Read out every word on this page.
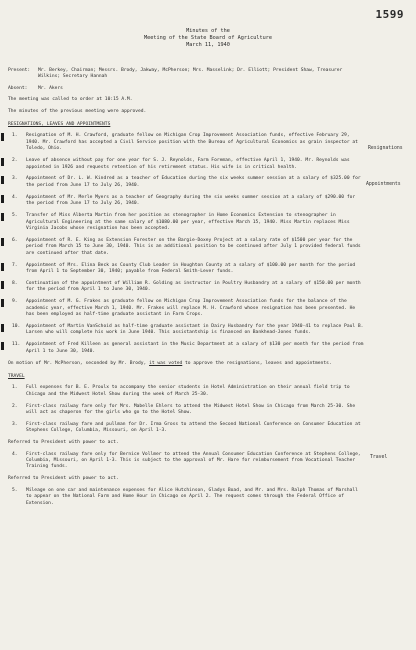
1599
Minutes of the
Meeting of the State Board of Agriculture
March 11, 1940
Resignations
Appointments
Travel
Present:	Mr. Berkey, Chairman; Messrs. Brody, Jakway, McPherson; Mrs. Masselink; Dr. Elliott; President Shaw, Treasurer Wilkins; Secretary Hannah
Absent:	Mr. Akers

The meeting was called to order at 10:15 A.M.

The minutes of the previous meeting were approved.

RESIGNATIONS, LEAVES AND APPOINTMENTS
1.	Resignation of M. H. Crawford, graduate fellow on Michigan Crop Improvement Association funds, effective February 29, 1940. Mr. Crawford has accepted a Civil Service position with the Bureau of Agricultural Economics as grain inspector at Toledo, Ohio.
2.	Leave of absence without pay for one year for S. J. Reynolds, Farm Foreman, effective April 1, 1940. Mr. Reynolds was appointed in 1926 and requests retention of his retirement status. His wife is in critical health.
3.	Appointment of Dr. L. W. Kindred as a teacher of Education during the six weeks summer session at a salary of $325.00 for the period from June 17 to July 26, 1940.
4.	Appointment of Mr. Merle Myers as a teacher of Geography during the six weeks summer session at a salary of $290.00 for the period from June 17 to July 26, 1940.
5.	Transfer of Miss Alberta Martin from her position as stenographer in Home Economics Extension to stenographer in Agricultural Engineering at the same salary of $1080.00 per year, effective March 15, 1940. Miss Martin replaces Miss Virginia Jacobs whose resignation has been accepted.
6.	Appointment of R. E. King as Extension Forester on the Bargie-Doxey Project at a salary rate of $1500 per year for the period from March 15 to June 30, 1940. This is an additional position to be continued after July 1 provided federal funds are continued after that date.
7.	Appointment of Mrs. Elina Beck as County Club Leader in Houghton County at a salary of $100.00 per month for the period from April 1 to September 30, 1940; payable from Federal Smith-Lever funds.
8.	Continuation of the appointment of William R. Golding as instructor in Poultry Husbandry at a salary of $150.00 per month for the period from April 1 to June 30, 1940.
9.	Appointment of M. G. Frakes as graduate fellow on Michigan Crop Improvement Association funds for the balance of the academic year, effective March 1, 1940. Mr. Frakes will replace M. H. Crawford whose resignation has been presented. He has been employed as half-time graduate assistant in Farm Crops.
10.	Appointment of Martin VanSchoid as half-time graduate assistant in Dairy Husbandry for the year 1940-41 to replace Paul B. Larsen who will complete his work in June 1940. This assistantship is financed on Bankhead-Jones funds.
11.	Appointment of Fred Killeen as general assistant in the Music Department at a salary of $130 per month for the period from April 1 to June 30, 1940.

On motion of Mr. McPherson, seconded by Mr. Brody, it was voted to approve the resignations, leaves and appointments.

TRAVEL
1.	Full expenses for B. E. Proulx to accompany the senior students in Hotel Administration on their annual field trip to Chicago and the Midwest Hotel Show during the week of March 25-30.
2.	First-class railway fare only for Mrs. Mabelle Ehlers to attend the Midwest Hotel Show in Chicago from March 25-30. She will act as chaperon for the girls who go to the Hotel Show.
3.	First-class railway fare and pullman for Dr. Irma Gross to attend the Second National Conference on Consumer Education at Stephens College, Columbia, Missouri, on April 1-3.

Referred to President with power to act.

4.	First-class railway fare only for Bernice Vollmer to attend the Annual Consumer Education Conference at Stephens College, Columbia, Missouri, on April 1-3. This is subject to the approval of Mr. Hare for reimbursement from Vocational Teacher Training funds.

Referred to President with power to act.

5.	Mileage on one car and maintenance expenses for Alice Hutchinson, Gladys Boad, and Mr. and Mrs. Ralph Thomas of Marshall to appear on the National Farm and Home Hour in Chicago on April 2. The request comes through the Federal Office of Extension.
